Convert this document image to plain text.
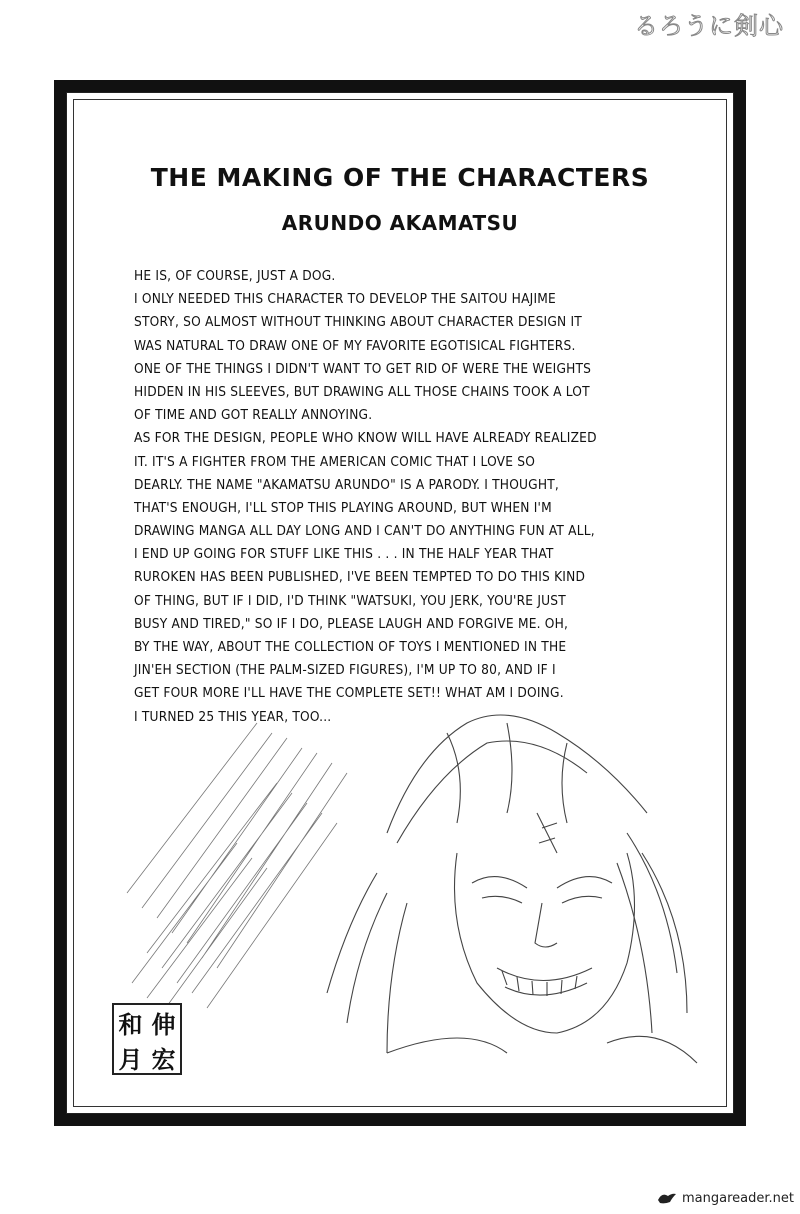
るろうに剣心
THE MAKING OF THE CHARACTERS
ARUNDO AKAMATSU
HE IS, OF COURSE, JUST A DOG.
I ONLY NEEDED THIS CHARACTER TO DEVELOP THE SAITOU HAJIME
STORY, SO ALMOST WITHOUT THINKING ABOUT CHARACTER DESIGN IT
WAS NATURAL TO DRAW ONE OF MY FAVORITE EGOTISICAL FIGHTERS.
ONE OF THE THINGS I DIDN'T WANT TO GET RID OF WERE THE WEIGHTS
HIDDEN IN HIS SLEEVES, BUT DRAWING ALL THOSE CHAINS TOOK A LOT
OF TIME AND GOT REALLY ANNOYING.
AS FOR THE DESIGN, PEOPLE WHO KNOW WILL HAVE ALREADY REALIZED
IT. IT'S A FIGHTER FROM THE AMERICAN COMIC THAT I LOVE SO
DEARLY. THE NAME "AKAMATSU ARUNDO" IS A PARODY. I THOUGHT,
THAT'S ENOUGH, I'LL STOP THIS PLAYING AROUND, BUT WHEN I'M
DRAWING MANGA ALL DAY LONG AND I CAN'T DO ANYTHING FUN AT ALL,
I END UP GOING FOR STUFF LIKE THIS . . . IN THE HALF YEAR THAT
RUROKEN HAS BEEN PUBLISHED, I'VE BEEN TEMPTED TO DO THIS KIND
OF THING, BUT IF I DID, I'D THINK "WATSUKI, YOU JERK, YOU'RE JUST
BUSY AND TIRED," SO IF I DO, PLEASE LAUGH AND FORGIVE ME. OH,
BY THE WAY, ABOUT THE COLLECTION OF TOYS I MENTIONED IN THE
JIN'EH SECTION (THE PALM-SIZED FIGURES), I'M UP TO 80, AND IF I
GET FOUR MORE I'LL HAVE THE COMPLETE SET!! WHAT AM I DOING.
I TURNED 25 THIS YEAR, TOO...
和 伸
月 宏
mangareader.net
